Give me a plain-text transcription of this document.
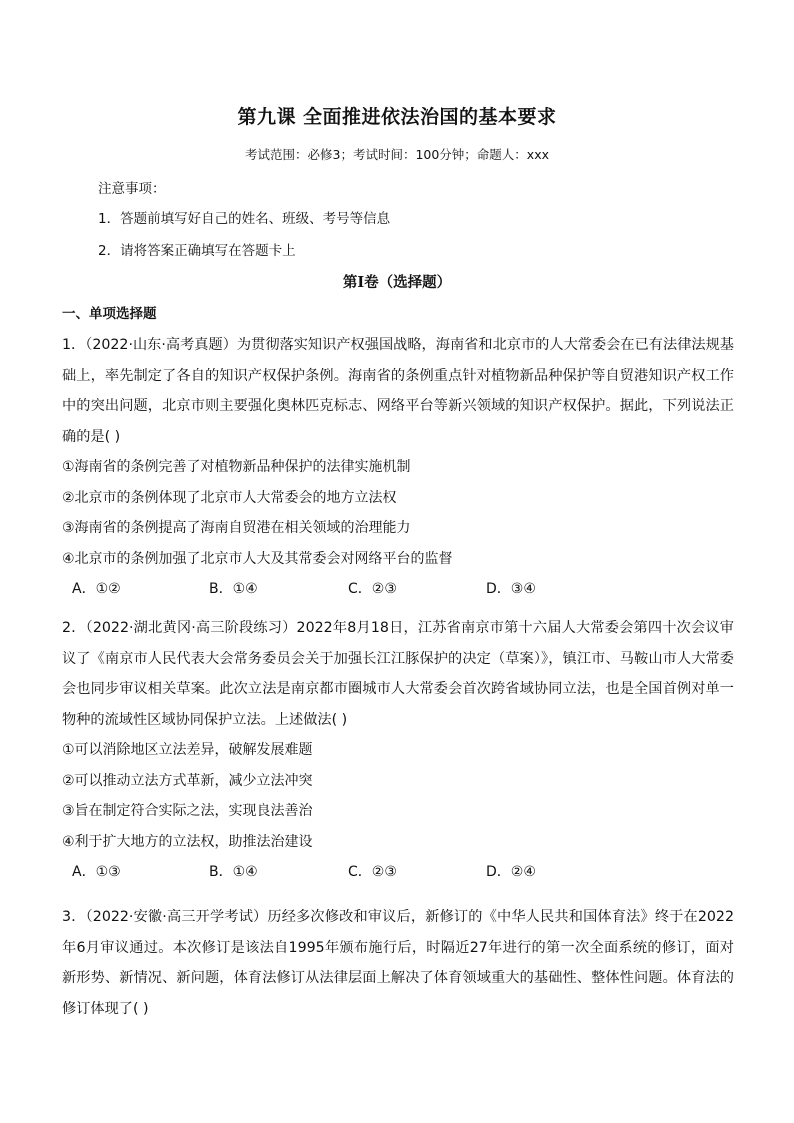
第九课 全面推进依法治国的基本要求
考试范围：必修3；考试时间：100分钟；命题人：xxx
注意事项：
1．答题前填写好自己的姓名、班级、考号等信息
2．请将答案正确填写在答题卡上
第I卷（选择题）
一、单项选择题

1．（2022·山东·高考真题）为贯彻落实知识产权强国战略，海南省和北京市的人大常委会在已有法律法规基础上，率先制定了各自的知识产权保护条例。海南省的条例重点针对植物新品种保护等自贸港知识产权工作中的突出问题，北京市则主要强化奥林匹克标志、网络平台等新兴领域的知识产权保护。据此，下列说法正确的是( )

①海南省的条例完善了对植物新品种保护的法律实施机制

②北京市的条例体现了北京市人大常委会的地方立法权

③海南省的条例提高了海南自贸港在相关领域的治理能力

④北京市的条例加强了北京市人大及其常委会对网络平台的监督

A．①②	B．①④	C．②③	D．③④

2．（2022·湖北黄冈·高三阶段练习）2022年8月18日，江苏省南京市第十六届人大常委会第四十次会议审议了《南京市人民代表大会常务委员会关于加强长江江豚保护的决定（草案）》，镇江市、马鞍山市人大常委会也同步审议相关草案。此次立法是南京都市圈城市人大常委会首次跨省域协同立法，也是全国首例对单一物种的流域性区域协同保护立法。上述做法( )

①可以消除地区立法差异，破解发展难题

②可以推动立法方式革新，减少立法冲突

③旨在制定符合实际之法，实现良法善治

④利于扩大地方的立法权，助推法治建设

A．①③	B．①④	C．②③	D．②④

3．（2022·安徽·高三开学考试）历经多次修改和审议后，新修订的《中华人民共和国体育法》终于在2022年6月审议通过。本次修订是该法自1995年颁布施行后，时隔近27年进行的第一次全面系统的修订，面对新形势、新情况、新问题，体育法修订从法律层面上解决了体育领域重大的基础性、整体性问题。体育法的修订体现了( )
